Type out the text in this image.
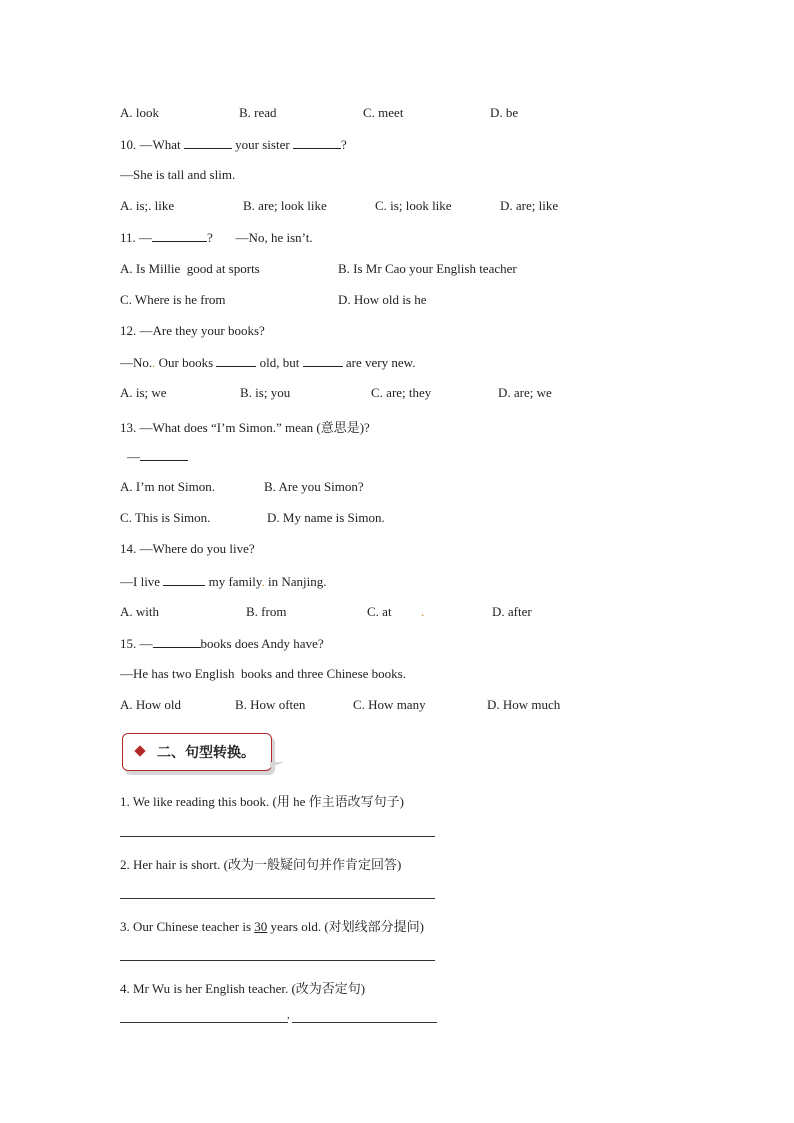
A. look	B. read	C. meet	D. be
10. —What	your sister	?
—She is tall and slim.
A. is;. like	B. are; look like	C. is; look like	D. are; like
11. —	?       —No, he isn’t.
A. Is Millie  good at sports	B. Is Mr Cao your English teacher
C. Where is he from	D. How old is he
12. —Are they your books?
—No.. Our books	old, but	are very new.
A. is; we	B. is; you	C. are; they	D. are; we
13. —What does “I’m Simon.” mean (意思是)?
—
A. I’m not Simon.	B. Are you Simon?
C. This is Simon.	D. My name is Simon.
14. —Where do you live?
—I live	my family. in Nanjing.
A. with	B. from	C. at .	D. after
15. —	books does Andy have?
—He has two English  books and three Chinese books.
A. How old	B. How often	C. How many	D. How much
二、句型转换。
1. We like reading this book. (用 he 作主语改写句子)
2. Her hair is short. (改为一般疑问句并作肯定回答)
3. Our Chinese teacher is 30 years old. (对划线部分提问)
4. Mr Wu is her English teacher. (改为否定句)
,
